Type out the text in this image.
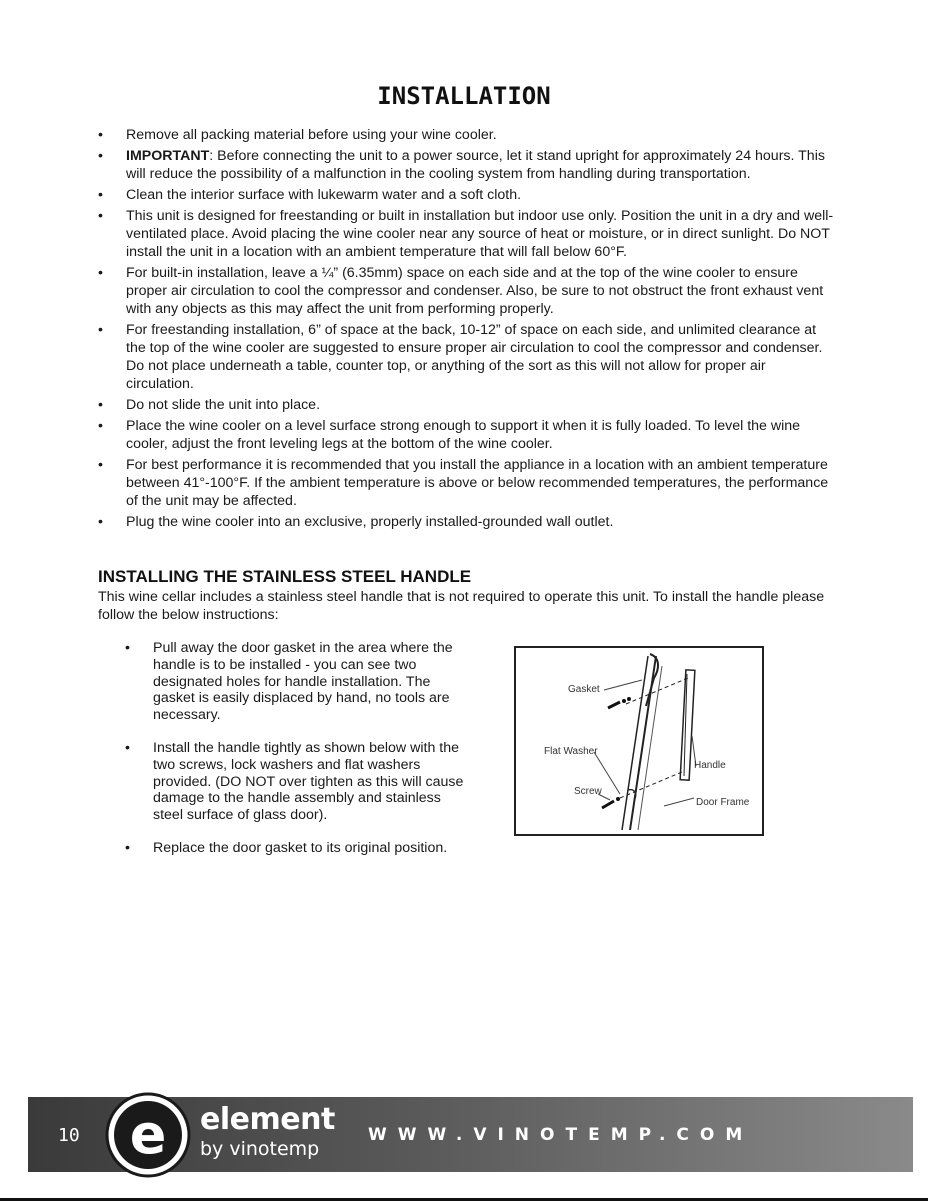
INSTALLATION
• Remove all packing material before using your wine cooler.
• IMPORTANT: Before connecting the unit to a power source, let it stand upright for approximately 24 hours. This will reduce the possibility of a malfunction in the cooling system from handling during transportation.
• Clean the interior surface with lukewarm water and a soft cloth.
• This unit is designed for freestanding or built in installation but indoor use only. Position the unit in a dry and well-ventilated place. Avoid placing the wine cooler near any source of heat or moisture, or in direct sunlight. Do NOT install the unit in a location with an ambient temperature that will fall below 60°F.
• For built-in installation, leave a ¼” (6.35mm) space on each side and at the top of the wine cooler to ensure proper air circulation to cool the compressor and condenser. Also, be sure to not obstruct the front exhaust vent with any objects as this may affect the unit from performing properly.
• For freestanding installation, 6” of space at the back, 10-12” of space on each side, and unlimited clearance at the top of the wine cooler are suggested to ensure proper air circulation to cool the compressor and condenser. Do not place underneath a table, counter top, or anything of the sort as this will not allow for proper air circulation.
• Do not slide the unit into place.
• Place the wine cooler on a level surface strong enough to support it when it is fully loaded. To level the wine cooler, adjust the front leveling legs at the bottom of the wine cooler.
• For best performance it is recommended that you install the appliance in a location with an ambient temperature between 41°-100°F. If the ambient temperature is above or below recommended temperatures, the performance of the unit may be affected.
• Plug the wine cooler into an exclusive, properly installed-grounded wall outlet.
INSTALLING THE STAINLESS STEEL HANDLE
This wine cellar includes a stainless steel handle that is not required to operate this unit. To install the handle please follow the below instructions:
• Pull away the door gasket in the area where the handle is to be installed - you can see two designated holes for handle installation. The gasket is easily displaced by hand, no tools are necessary.
• Install the handle tightly as shown below with the two screws, lock washers and flat washers provided. (DO NOT over tighten as this will cause damage to the handle assembly and stainless steel surface of glass door).
• Replace the door gasket to its original position.
Gasket
Flat Washer
Screw
Handle
Door Frame
10 e element
by vinotemp
WWW.VINOTEMP.COM
